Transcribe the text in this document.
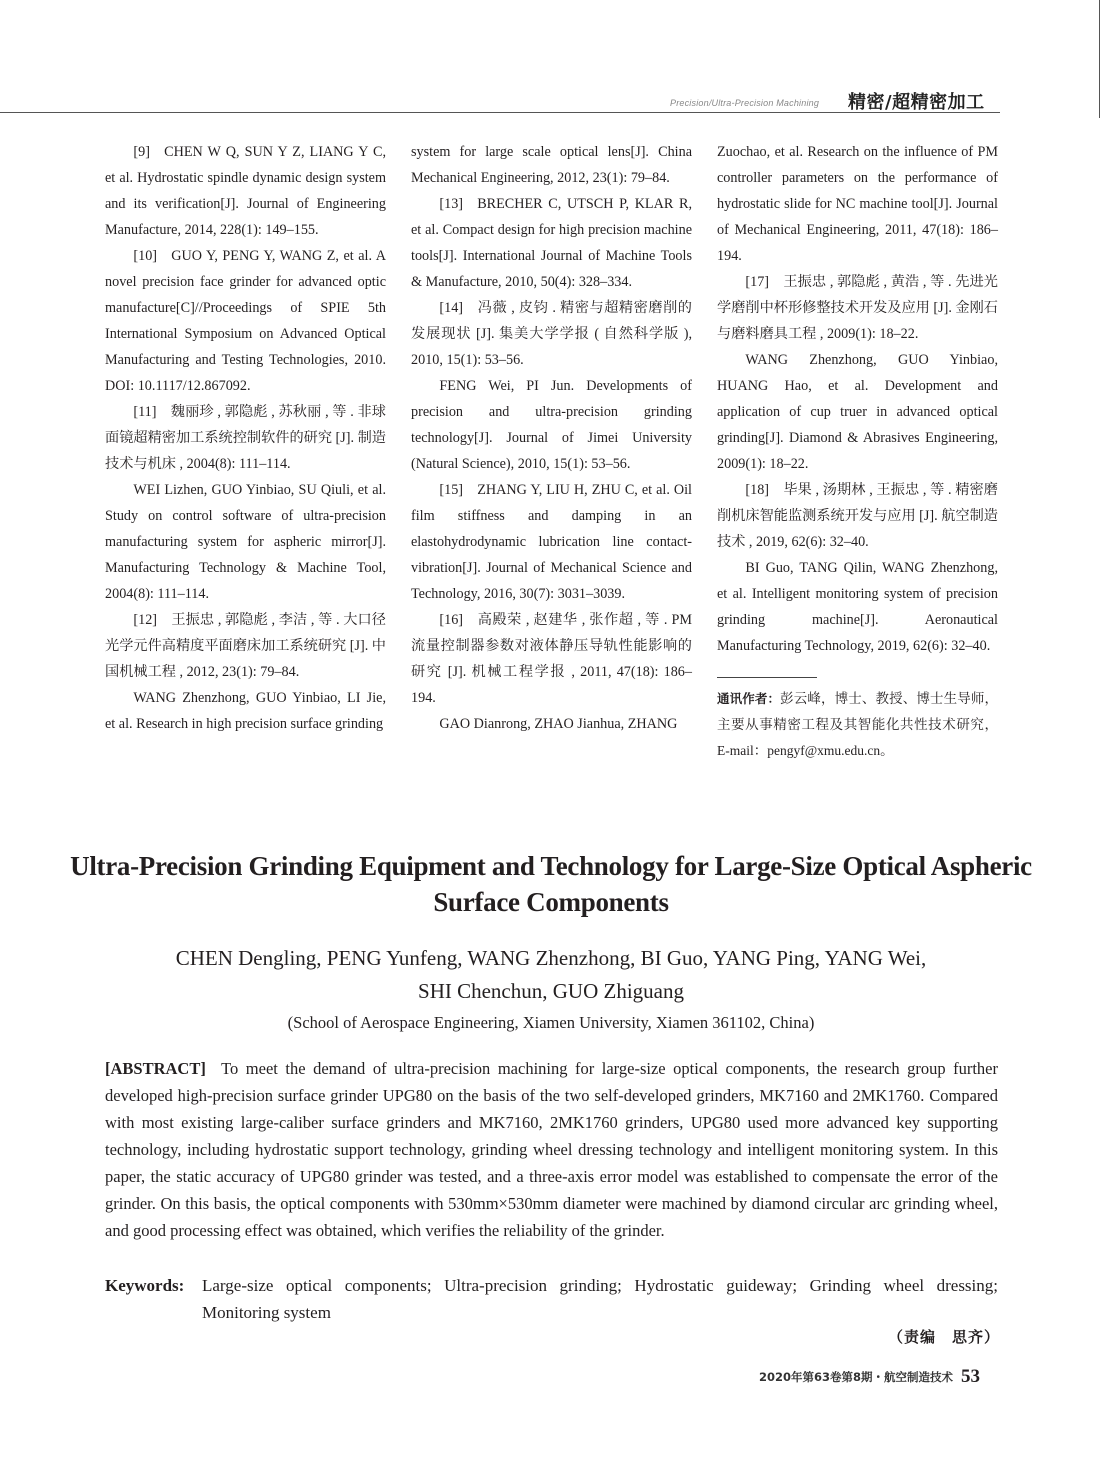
Precision/Ultra-Precision Machining 精密/超精密加工

[9] CHEN W Q, SUN Y Z, LIANG Y C, et al. Hydrostatic spindle dynamic design system and its verification[J]. Journal of Engineering Manufacture, 2014, 228(1): 149–155.

[10] GUO Y, PENG Y, WANG Z, et al. A novel precision face grinder for advanced optic manufacture[C]//Proceedings of SPIE 5th International Symposium on Advanced Optical Manufacturing and Testing Technologies, 2010. DOI: 10.1117/12.867092.

[11] 魏丽珍 , 郭隐彪 , 苏秋丽 , 等 . 非球面镜超精密加工系统控制软件的研究 [J]. 制造技术与机床 , 2004(8): 111–114.

WEI Lizhen, GUO Yinbiao, SU Qiuli, et al. Study on control software of ultra-precision manufacturing system for aspheric mirror[J]. Manufacturing Technology & Machine Tool, 2004(8): 111–114.

[12] 王振忠 , 郭隐彪 , 李洁 , 等 . 大口径光学元件高精度平面磨床加工系统研究 [J]. 中国机械工程 , 2012, 23(1): 79–84.

WANG Zhenzhong, GUO Yinbiao, LI Jie, et al. Research in high precision surface grinding

system for large scale optical lens[J]. China Mechanical Engineering, 2012, 23(1): 79–84.

[13] BRECHER C, UTSCH P, KLAR R, et al. Compact design for high precision machine tools[J]. International Journal of Machine Tools & Manufacture, 2010, 50(4): 328–334.

[14] 冯薇 , 皮钧 . 精密与超精密磨削的发展现状 [J]. 集美大学学报 ( 自然科学版 ), 2010, 15(1): 53–56.

FENG Wei, PI Jun. Developments of precision and ultra-precision grinding technology[J]. Journal of Jimei University (Natural Science), 2010, 15(1): 53–56.

[15] ZHANG Y, LIU H, ZHU C, et al. Oil film stiffness and damping in an elastohydrodynamic lubrication line contact-vibration[J]. Journal of Mechanical Science and Technology, 2016, 30(7): 3031–3039.

[16] 高殿荣 , 赵建华 , 张作超 , 等 . PM 流量控制器参数对液体静压导轨性能影响的研究 [J]. 机械工程学报 , 2011, 47(18): 186–194.

GAO Dianrong, ZHAO Jianhua, ZHANG

Zuochao, et al. Research on the influence of PM controller parameters on the performance of hydrostatic slide for NC machine tool[J]. Journal of Mechanical Engineering, 2011, 47(18): 186–194.

[17] 王振忠 , 郭隐彪 , 黄浩 , 等 . 先进光学磨削中杯形修整技术开发及应用 [J]. 金刚石与磨料磨具工程 , 2009(1): 18–22.

WANG Zhenzhong, GUO Yinbiao, HUANG Hao, et al. Development and application of cup truer in advanced optical grinding[J]. Diamond & Abrasives Engineering, 2009(1): 18–22.

[18] 毕果 , 汤期林 , 王振忠 , 等 . 精密磨削机床智能监测系统开发与应用 [J]. 航空制造技术 , 2019, 62(6): 32–40.

BI Guo, TANG Qilin, WANG Zhenzhong, et al. Intelligent monitoring system of precision grinding machine[J]. Aeronautical Manufacturing Technology, 2019, 62(6): 32–40.

通讯作者：彭云峰，博士、教授、博士生导师，主要从事精密工程及其智能化共性技术研究，E-mail：pengyf@xmu.edu.cn。

Ultra-Precision Grinding Equipment and Technology for Large-Size Optical Aspheric Surface Components
CHEN Dengling, PENG Yunfeng, WANG Zhenzhong, BI Guo, YANG Ping, YANG Wei,
SHI Chenchun, GUO Zhiguang
(School of Aerospace Engineering, Xiamen University, Xiamen 361102, China)

[ABSTRACT] To meet the demand of ultra-precision machining for large-size optical components, the research group further developed high-precision surface grinder UPG80 on the basis of the two self-developed grinders, MK7160 and 2MK1760. Compared with most existing large-caliber surface grinders and MK7160, 2MK1760 grinders, UPG80 used more advanced key supporting technology, including hydrostatic support technology, grinding wheel dressing technology and intelligent monitoring system. In this paper, the static accuracy of UPG80 grinder was tested, and a three-axis error model was established to compensate the error of the grinder. On this basis, the optical components with 530mm×530mm diameter were machined by diamond circular arc grinding wheel, and good processing effect was obtained, which verifies the reliability of the grinder.

Keywords: Large-size optical components; Ultra-precision grinding; Hydrostatic guideway; Grinding wheel dressing; Monitoring system
（责编　思齐）
2020年第63卷第8期・航空制造技术 53
